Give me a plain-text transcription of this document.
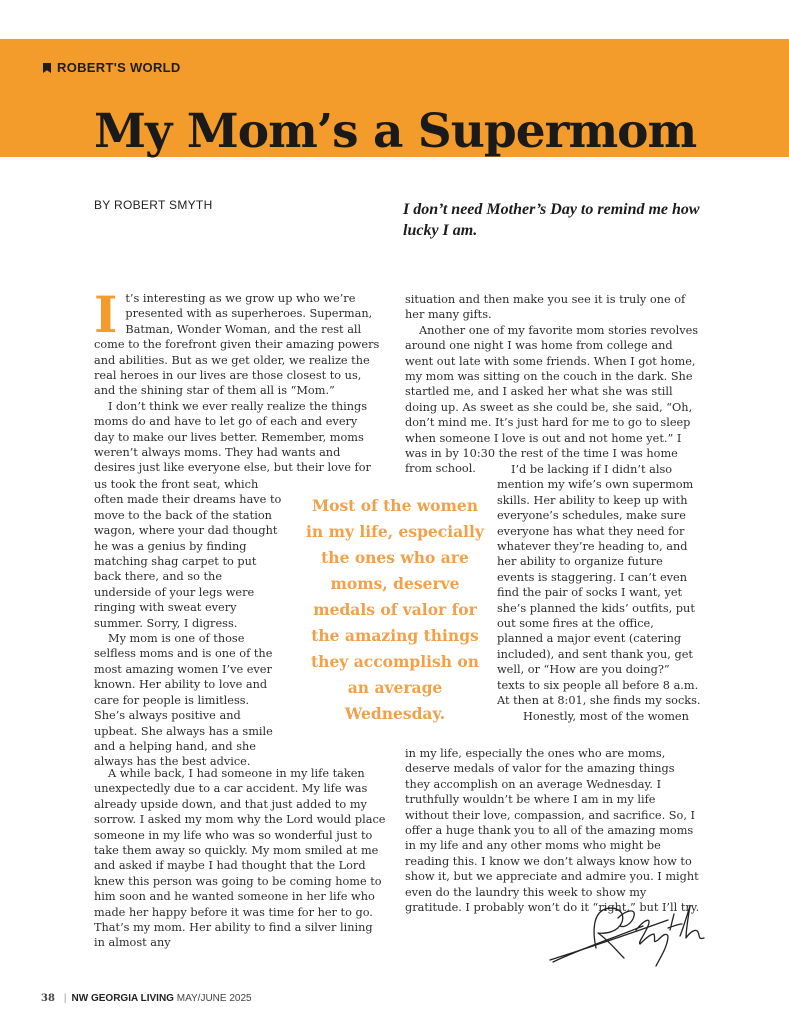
ROBERT'S WORLD
My Mom’s a Supermom
BY ROBERT SMYTH	I don’t need Mother’s Day to remind me how lucky I am.

It’s interesting as we grow up who we’re presented with as superheroes. Superman, Batman, Wonder Woman, and the rest all come to the forefront given their amazing powers and abilities. But as we get older, we realize the real heroes in our lives are those closest to us, and the shining star of them all is “Mom.”

I don’t think we ever really realize the things moms do and have to let go of each and every day to make our lives better. Remember, moms weren’t always moms. They had wants and desires just like everyone else, but their love for

us took the front seat, which often made their dreams have to move to the back of the station wagon, where your dad thought he was a genius by finding matching shag carpet to put back there, and so the underside of your legs were ringing with sweat every summer. Sorry, I digress.

My mom is one of those selfless moms and is one of the most amazing women I’ve ever known. Her ability to love and care for people is limitless. She’s always positive and upbeat. She always has a smile and a helping hand, and she always has the best advice.

A while back, I had someone in my life taken unexpectedly due to a car accident. My life was already upside down, and that just added to my sorrow. I asked my mom why the Lord would place someone in my life who was so wonderful just to take them away so quickly. My mom smiled at me and asked if maybe I had thought that the Lord knew this person was going to be coming home to him soon and he wanted someone in her life who made her happy before it was time for her to go. That’s my mom. Her ability to find a silver lining in almost any

Most of the women in my life, especially the ones who are moms, deserve medals of valor for the amazing things they accomplish on an average Wednesday.

situation and then make you see it is truly one of her many gifts.

Another one of my favorite mom stories revolves around one night I was home from college and went out late with some friends. When I got home, my mom was sitting on the couch in the dark. She startled me, and I asked her what she was still doing up. As sweet as she could be, she said, “Oh, don’t mind me. It’s just hard for me to go to sleep when someone I love is out and not home yet.” I was in by 10:30 the rest of the time I was home from school.	I’d be lacking if I didn’t also mention my wife’s own supermom skills. Her ability to keep up with everyone’s schedules, make sure everyone has what they need for whatever they’re heading to, and her ability to organize future events is staggering. I can’t even find the pair of socks I want, yet she’s planned the kids’ outfits, put out some fires at the office, planned a major event (catering included), and sent thank you, get well, or “How are you doing?” texts to six people all before 8 a.m. At then at 8:01, she finds my socks.

Honestly, most of the women

in my life, especially the ones who are moms, deserve medals of valor for the amazing things they accomplish on an average Wednesday. I truthfully wouldn’t be where I am in my life without their love, compassion, and sacrifice. So, I offer a huge thank you to all of the amazing moms in my life and any other moms who might be reading this. I know we don’t always know how to show it, but we appreciate and admire you. I might even do the laundry this week to show my gratitude. I probably won’t do it “right,” but I’ll try.

38 | NW GEORGIA LIVING MAY/JUNE 2025
